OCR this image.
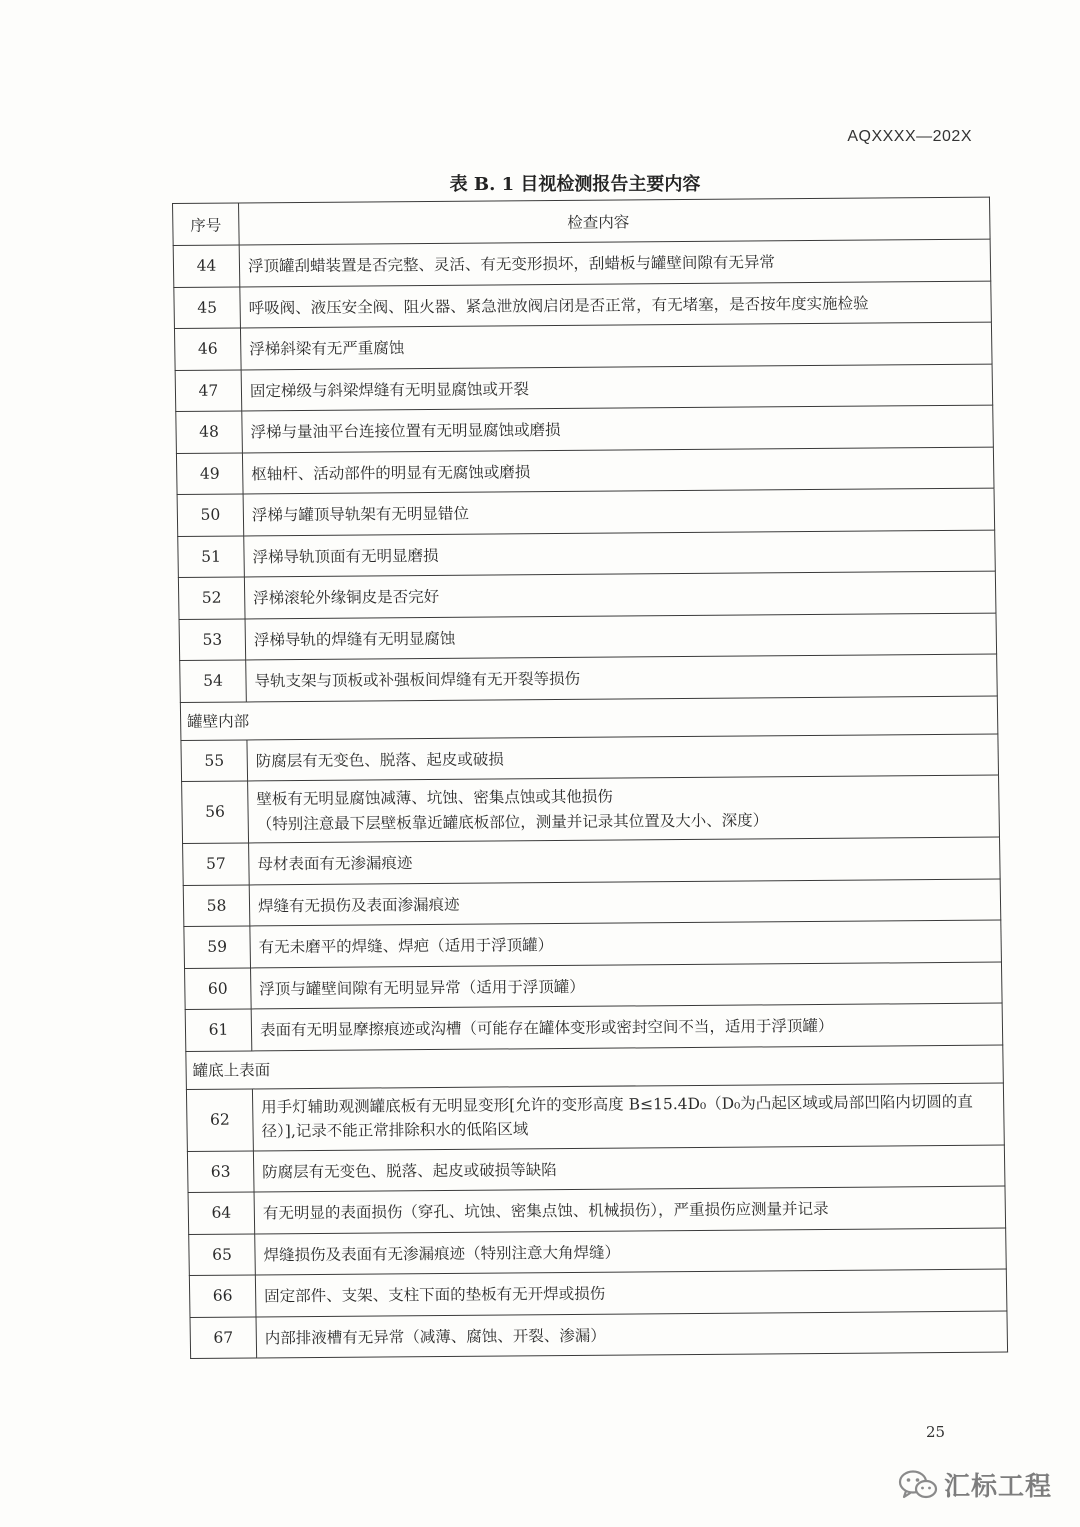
AQXXXX—202X
表 B. 1 目视检测报告主要内容
序号	检查内容
44	浮顶罐刮蜡装置是否完整、灵活、有无变形损坏，刮蜡板与罐壁间隙有无异常

45	呼吸阀、液压安全阀、阻火器、紧急泄放阀启闭是否正常，有无堵塞，是否按年度实施检验

46	浮梯斜梁有无严重腐蚀

47	固定梯级与斜梁焊缝有无明显腐蚀或开裂

48	浮梯与量油平台连接位置有无明显腐蚀或磨损

49	枢轴杆、活动部件的明显有无腐蚀或磨损

50	浮梯与罐顶导轨架有无明显错位

51	浮梯导轨顶面有无明显磨损

52	浮梯滚轮外缘铜皮是否完好

53	浮梯导轨的焊缝有无明显腐蚀

54	导轨支架与顶板或补强板间焊缝有无开裂等损伤

罐壁内部	
55	防腐层有无变色、脱落、起皮或破损

56	壁板有无明显腐蚀减薄、坑蚀、密集点蚀或其他损伤
（特别注意最下层壁板靠近罐底板部位，测量并记录其位置及大小、深度）

57	母材表面有无渗漏痕迹

58	焊缝有无损伤及表面渗漏痕迹

59	有无未磨平的焊缝、焊疤（适用于浮顶罐）

60	浮顶与罐壁间隙有无明显异常（适用于浮顶罐）

61	表面有无明显摩擦痕迹或沟槽（可能存在罐体变形或密封空间不当，适用于浮顶罐）

罐底上表面	
62	用手灯辅助观测罐底板有无明显变形[允许的变形高度 B≤15.4D₀（D₀为凸起区域或局部凹陷内切圆的直
径）],记录不能正常排除积水的低陷区域

63	防腐层有无变色、脱落、起皮或破损等缺陷

64	有无明显的表面损伤（穿孔、坑蚀、密集点蚀、机械损伤），严重损伤应测量并记录

65	焊缝损伤及表面有无渗漏痕迹（特别注意大角焊缝）

66	固定部件、支架、支柱下面的垫板有无开焊或损伤

67	内部排液槽有无异常（减薄、腐蚀、开裂、渗漏）
25
汇标工程
